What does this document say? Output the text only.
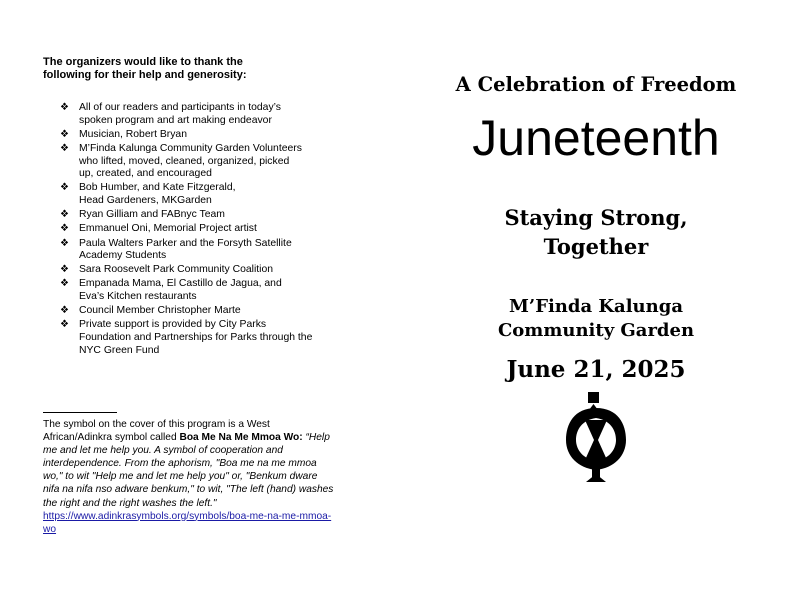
The organizers would like to thank the
following for their help and generosity:

❖ All of our readers and participants in today’s
spoken program and art making endeavor
❖ Musician, Robert Bryan
❖ M’Finda Kalunga Community Garden Volunteers
who lifted, moved, cleaned, organized, picked
up, created, and encouraged
❖ Bob Humber, and Kate Fitzgerald,
Head Gardeners, MKGarden
❖ Ryan Gilliam and FABnyc Team
❖ Emmanuel Oni, Memorial Project artist
❖ Paula Walters Parker and the Forsyth Satellite
Academy Students
❖ Sara Roosevelt Park Community Coalition
❖ Empanada Mama, El Castillo de Jagua, and
Eva’s Kitchen restaurants
❖ Council Member Christopher Marte
❖ Private support is provided by City Parks
Foundation and Partnerships for Parks through the
NYC Green Fund
The symbol on the cover of this program is a West African/Adinkra symbol called Boa Me Na Me Mmoa Wo: “Help me and let me help you. A symbol of cooperation and interdependence. From the aphorism, "Boa me na me mmoa wo," to wit "Help me and let me help you" or, "Benkum dware nifa na nifa nso adware benkum," to wit, "The left (hand) washes the right and the right washes the left."
https://www.adinkrasymbols.org/symbols/boa-me-na-me-mmoa-wo
A Celebration of Freedom
Juneteenth
Staying Strong,
Together
M’Finda Kalunga
Community Garden
June 21, 2025
